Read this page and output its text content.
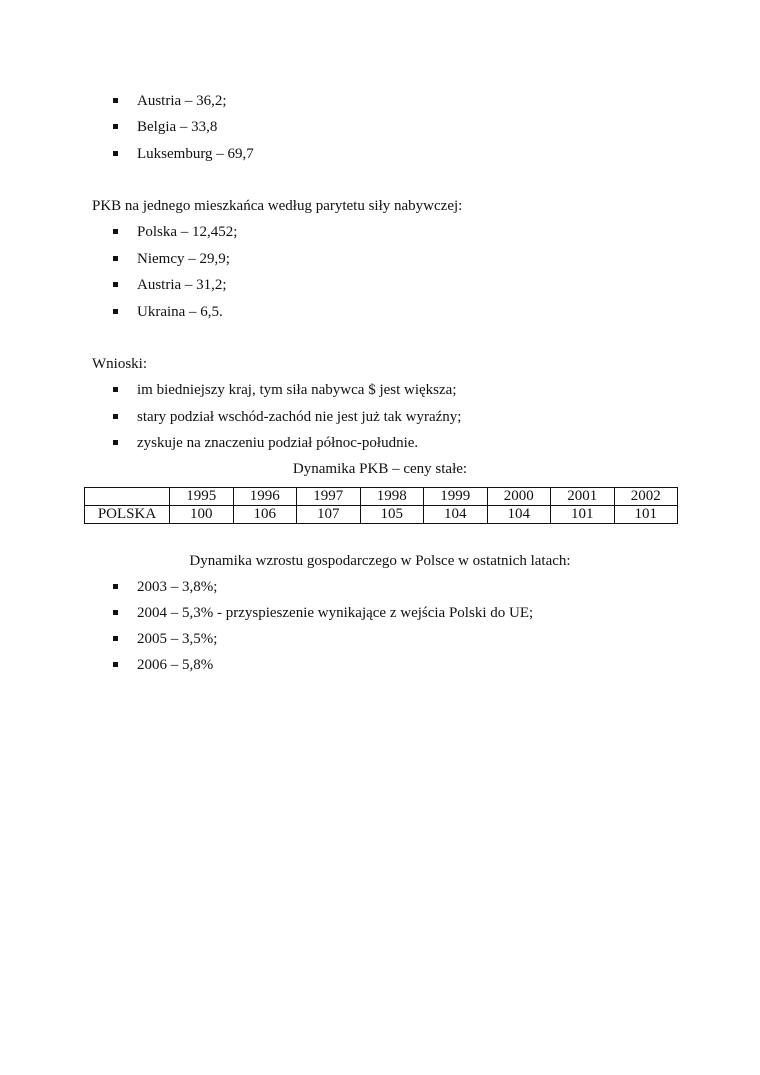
Austria – 36,2;
Belgia – 33,8
Luksemburg – 69,7
PKB na jednego mieszkańca według parytetu siły nabywczej:
Polska – 12,452;
Niemcy – 29,9;
Austria – 31,2;
Ukraina – 6,5.
Wnioski:
im biedniejszy kraj, tym siła nabywca $ jest większa;
stary podział wschód-zachód nie jest już tak wyraźny;
zyskuje na znaczeniu podział północ-południe.
Dynamika PKB – ceny stałe:
	1995	1996	1997	1998	1999	2000	2001	2002
POLSKA	100	106	107	105	104	104	101	101
Dynamika wzrostu gospodarczego w Polsce w ostatnich latach:
2003 – 3,8%;
2004 – 5,3% - przyspieszenie wynikające z wejścia Polski do UE;
2005 – 3,5%;
2006 – 5,8%
